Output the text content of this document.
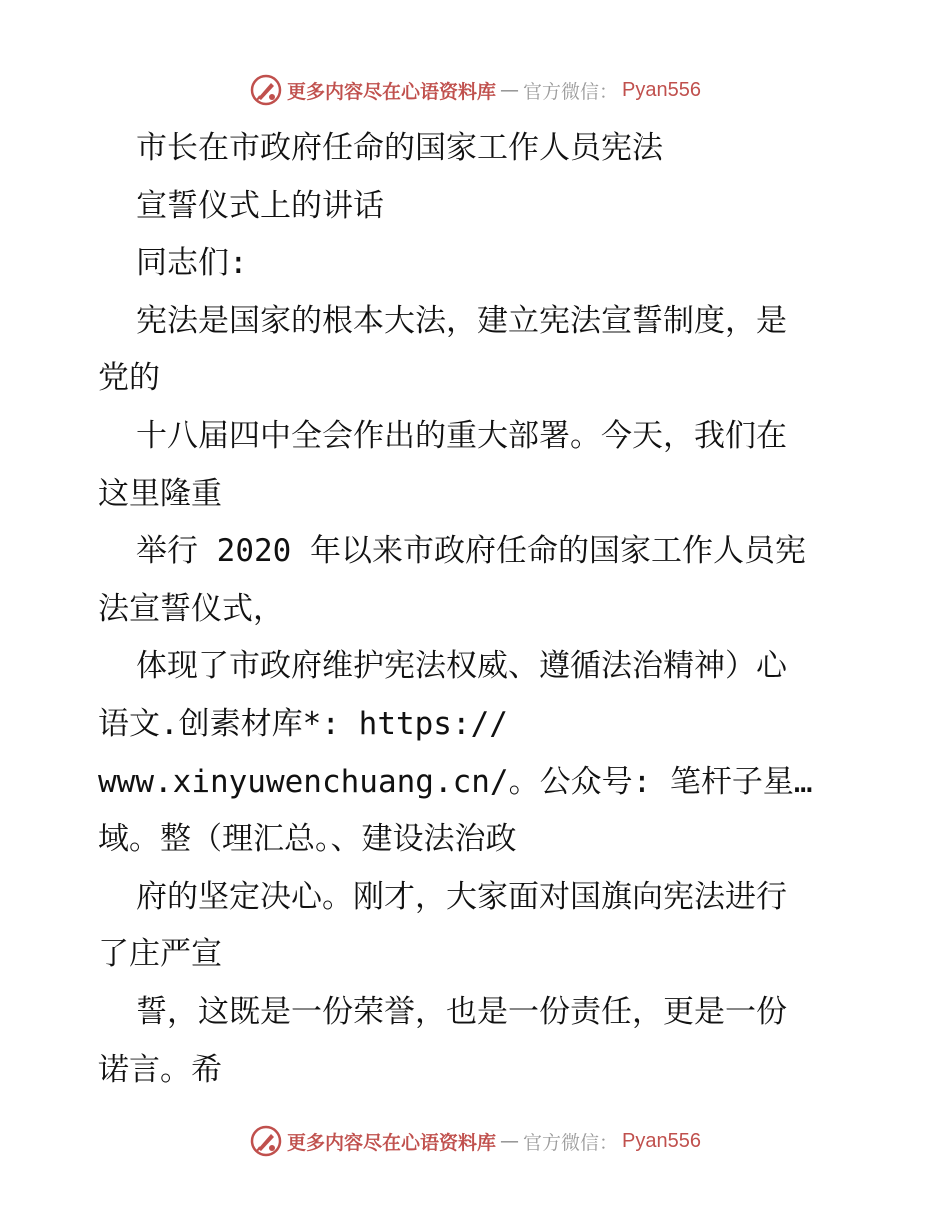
更多内容尽在心语资料库 — 官方微信： Pyan556
市长在市政府任命的国家工作人员宪法
宣誓仪式上的讲话
同志们:
宪法是国家的根本大法，建立宪法宣誓制度，是
党的
十八届四中全会作出的重大部署。今天，我们在
这里隆重
举行 2020 年以来市政府任命的国家工作人员宪
法宣誓仪式，
体现了市政府维护宪法权威、遵循法治精神）心
语文.创素材库*: https://
www.xinyuwenchuang.cn/。公众号: 笔杆子星…
域。整（理汇总。、建设法治政
府的坚定决心。刚才，大家面对国旗向宪法进行
了庄严宣
誓，这既是一份荣誉，也是一份责任，更是一份
诺言。希
更多内容尽在心语资料库 — 官方微信： Pyan556
